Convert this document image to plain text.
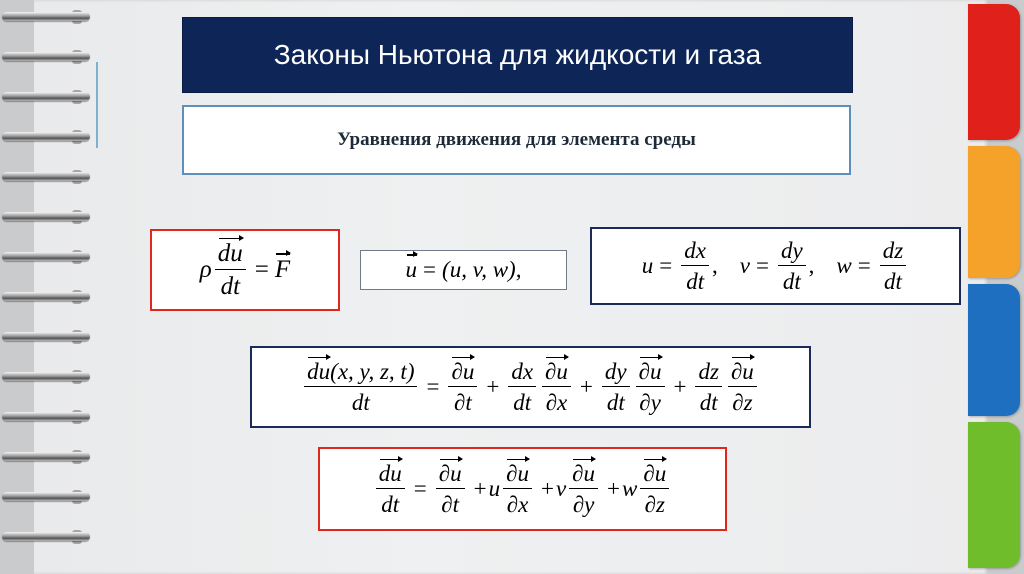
Законы Ньютона для жидкости и газа
Уравнения движения для элемента среды
ρ $\frac{du}{dt} = F$	u = (u, v, w),	$u = \frac{dx}{dt}$ , $v = \frac{dy}{dt}$ , $w = \frac{dz}{dt}$
$\frac{du(x, y, z, t)}{dt} = \frac{\partial u}{\partial t} + \frac{dx}{dt} \frac{\partial u}{\partial x} + \frac{dy}{dt} \frac{\partial u}{\partial y} + \frac{dz}{dt} \frac{\partial u}{\partial z}$
$\frac{du}{dt} = \frac{\partial u}{\partial t} + u \frac{\partial u}{\partial x} + v \frac{\partial u}{\partial y} + w \frac{\partial u}{\partial z}$
